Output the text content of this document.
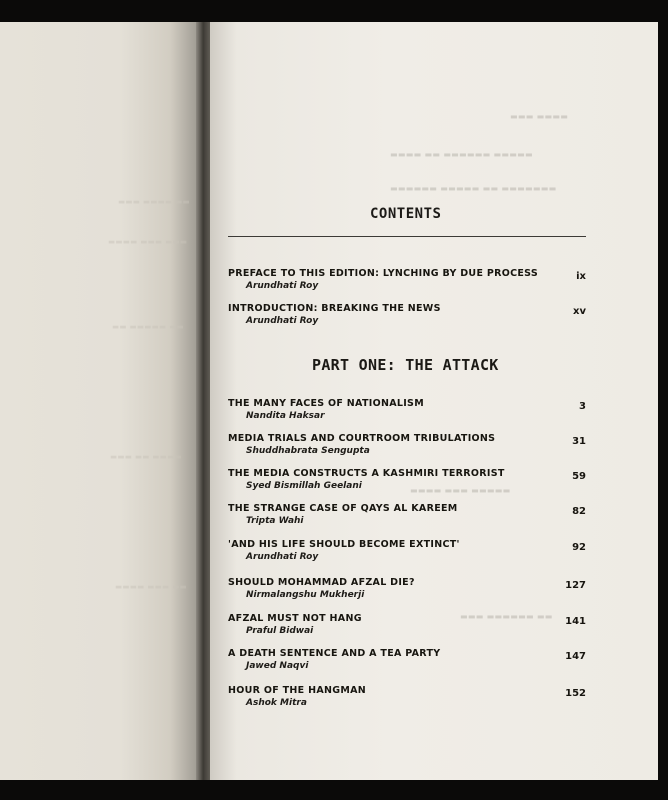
▬▬▬ ▬▬▬▬ ▬▬
▬▬▬▬ ▬▬▬ ▬▬▬
▬▬ ▬▬▬▬▬ ▬▬
▬▬▬ ▬▬ ▬▬▬▬
▬▬▬▬ ▬▬▬ ▬▬
▬▬▬ ▬▬▬▬
▬▬▬▬ ▬▬ ▬▬▬▬▬▬ ▬▬▬▬▬
▬▬▬▬▬▬ ▬▬▬▬▬ ▬▬ ▬▬▬▬▬▬▬
▬▬▬▬ ▬▬▬ ▬▬▬▬▬
▬▬▬ ▬▬▬▬▬▬ ▬▬
CONTENTS
PREFACE TO THIS EDITION: LYNCHING BY DUE PROCESS
Arundhati Roy
ix
INTRODUCTION: BREAKING THE NEWS
Arundhati Roy
xv
PART ONE: THE ATTACK
THE MANY FACES OF NATIONALISM
Nandita Haksar
3
MEDIA TRIALS AND COURTROOM TRIBULATIONS
Shuddhabrata Sengupta
31
THE MEDIA CONSTRUCTS A KASHMIRI TERRORIST
Syed Bismillah Geelani
59
THE STRANGE CASE OF QAYS AL KAREEM
Tripta Wahi
82
'AND HIS LIFE SHOULD BECOME EXTINCT'
Arundhati Roy
92
SHOULD MOHAMMAD AFZAL DIE?
Nirmalangshu Mukherji
127
AFZAL MUST NOT HANG
Praful Bidwai
141
A DEATH SENTENCE AND A TEA PARTY
Jawed Naqvi
147
HOUR OF THE HANGMAN
Ashok Mitra
152
